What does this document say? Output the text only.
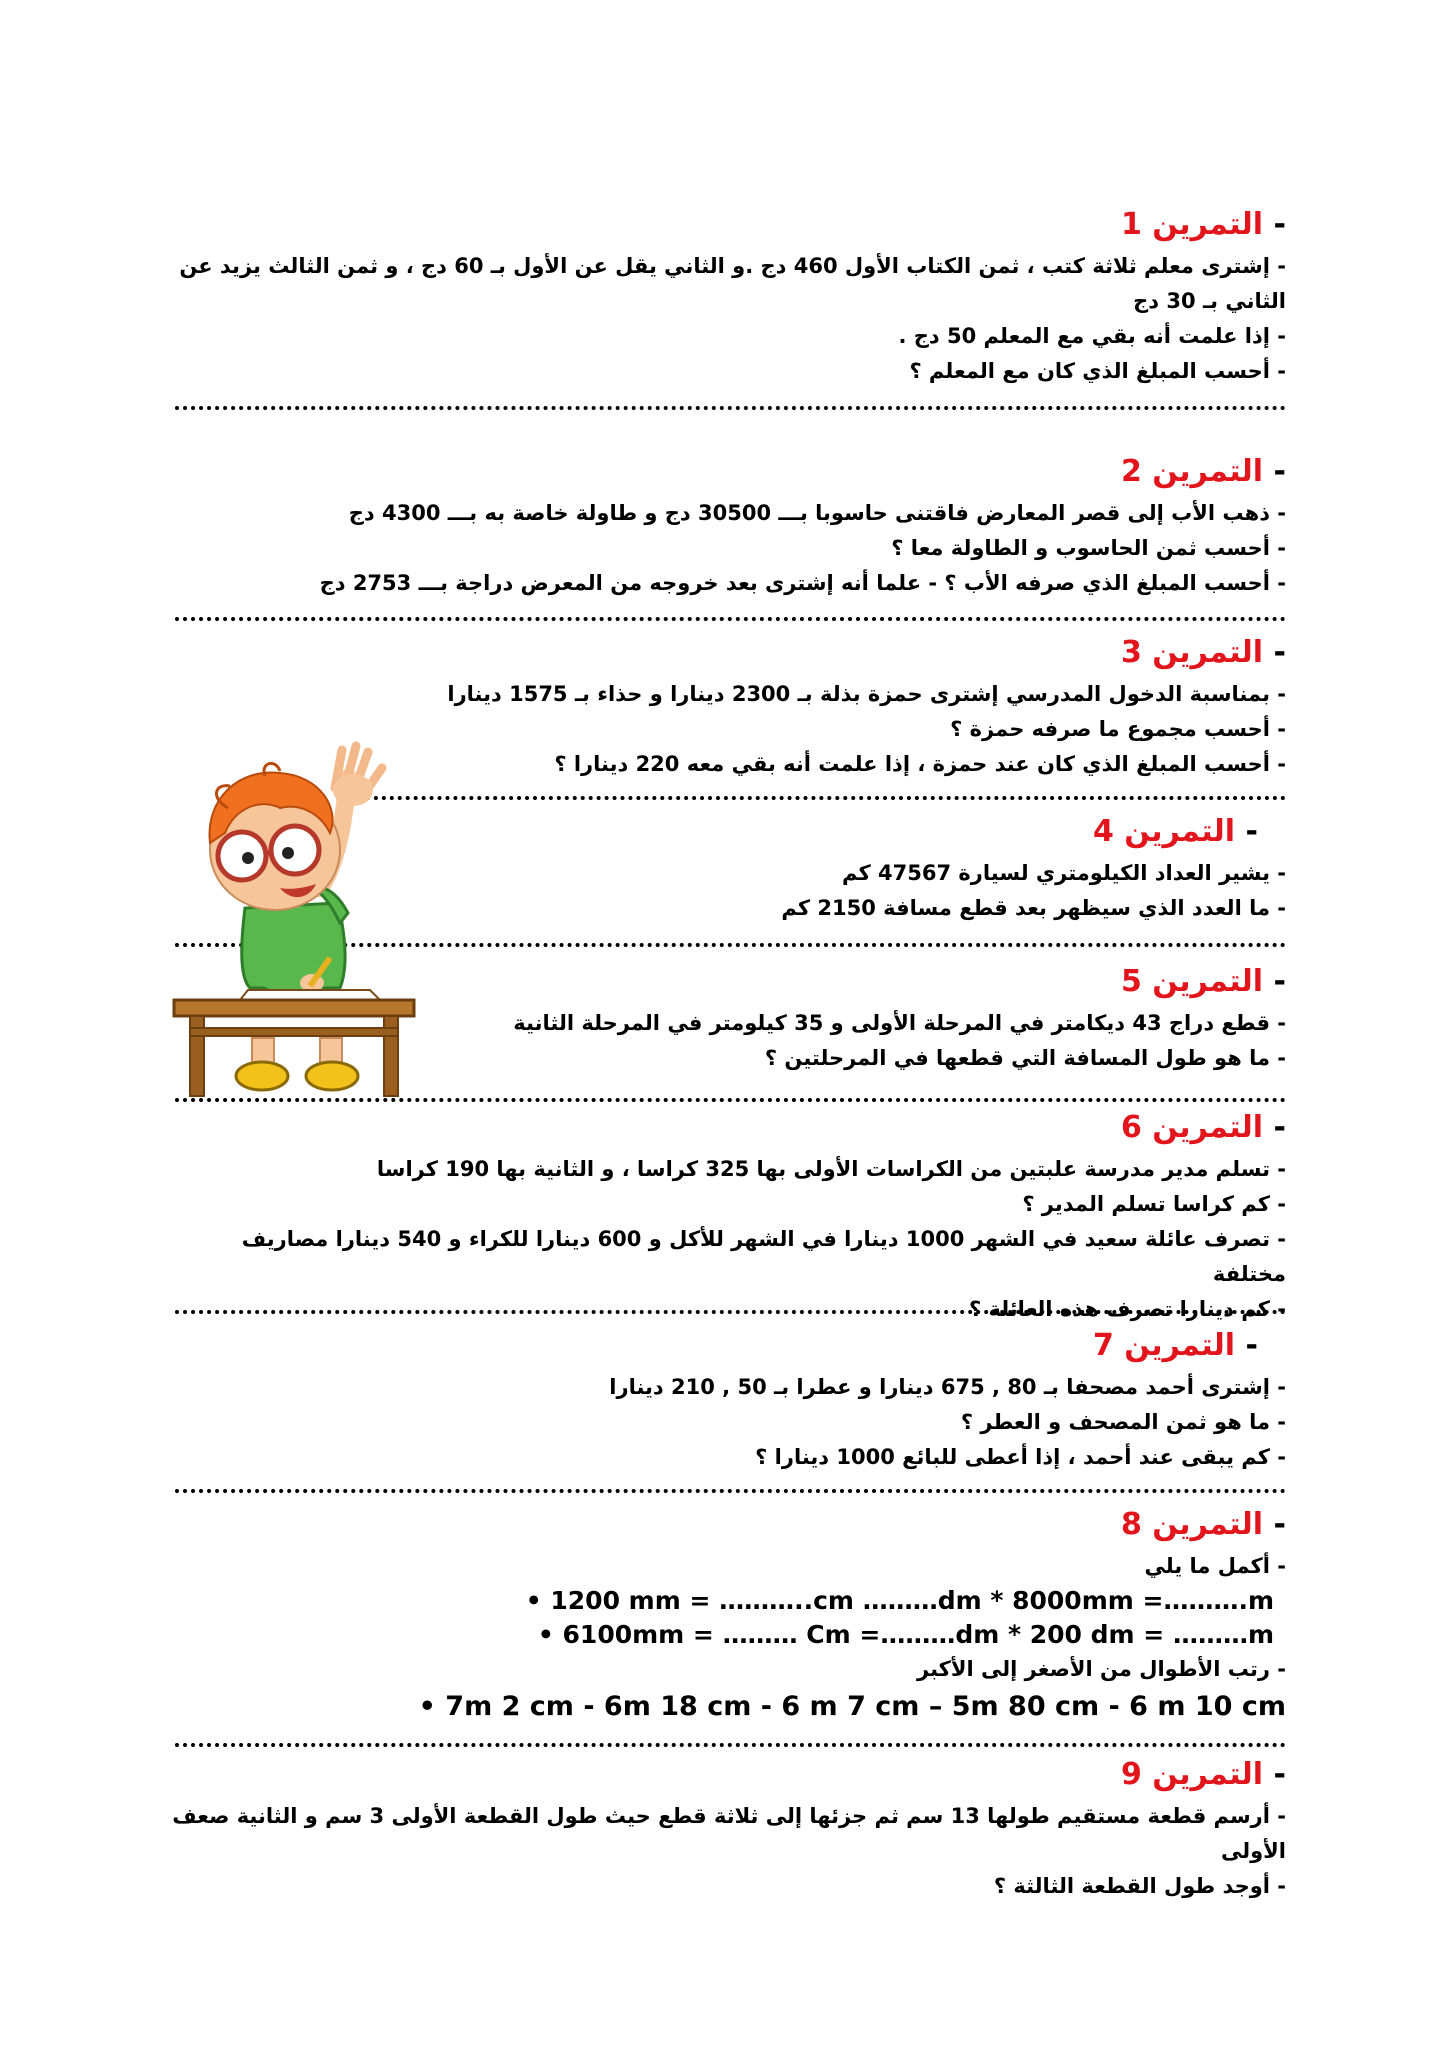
- التمرين 1

- إشترى معلم ثلاثة كتب ، ثمن الكتاب الأول 460 دج .و الثاني يقل عن الأول بـ 60 دج ، و ثمن الثالث يزيد عن الثاني بـ 30 دج

- إذا علمت أنه بقي مع المعلم 50 دج .

- أحسب المبلغ الذي كان مع المعلم ؟

- التمرين 2

- ذهب الأب إلى قصر المعارض فاقتنى حاسوبا بـــ 30500 دج و طاولة خاصة به بـــ 4300 دج

- أحسب ثمن الحاسوب و الطاولة معا ؟

- أحسب المبلغ الذي صرفه الأب ؟ - علما أنه إشترى بعد خروجه من المعرض دراجة بـــ 2753 دج

- التمرين 3

- بمناسبة الدخول المدرسي إشترى حمزة بذلة بـ 2300 دينارا و حذاء بـ 1575 دينارا

- أحسب مجموع ما صرفه حمزة ؟

- أحسب المبلغ الذي كان عند حمزة ، إذا علمت أنه بقي معه 220 دينارا ؟

- التمرين 4

- يشير العداد الكيلومتري لسيارة 47567 كم

- ما العدد الذي سيظهر بعد قطع مسافة 2150 كم

- التمرين 5

- قطع دراج 43 ديكامتر في المرحلة الأولى و 35 كيلومتر في المرحلة الثانية

- ما هو طول المسافة التي قطعها في المرحلتين ؟

- التمرين 6

- تسلم مدير مدرسة علبتين من الكراسات الأولى بها 325 كراسا ، و الثانية بها 190 كراسا

- كم كراسا تسلم المدير ؟

- تصرف عائلة سعيد في الشهر 1000 دينارا في الشهر للأكل و 600 دينارا للكراء و 540 دينارا مصاريف مختلفة

- كم دينارا تصرف هذه العائلة ؟

- التمرين 7

- إشترى أحمد مصحفا بـ 80 , 675 دينارا و عطرا بـ 50 , 210 دينارا

- ما هو ثمن المصحف و العطر ؟

- كم يبقى عند أحمد ، إذا أعطى للبائع 1000 دينارا ؟

- التمرين 8

- أكمل ما يلي

• 1200 mm = ………..cm ………dm * 8000mm =……….m

• 6100mm = ……… Cm =………dm * 200 dm = ………m

- رتب الأطوال من الأصغر إلى الأكبر

• 7m 2 cm - 6m 18 cm - 6 m 7 cm – 5m 80 cm - 6 m 10 cm

- التمرين 9

- أرسم قطعة مستقيم طولها 13 سم ثم جزئها إلى ثلاثة قطع حيث طول القطعة الأولى 3 سم و الثانية صعف الأولى

- أوجد طول القطعة الثالثة ؟
